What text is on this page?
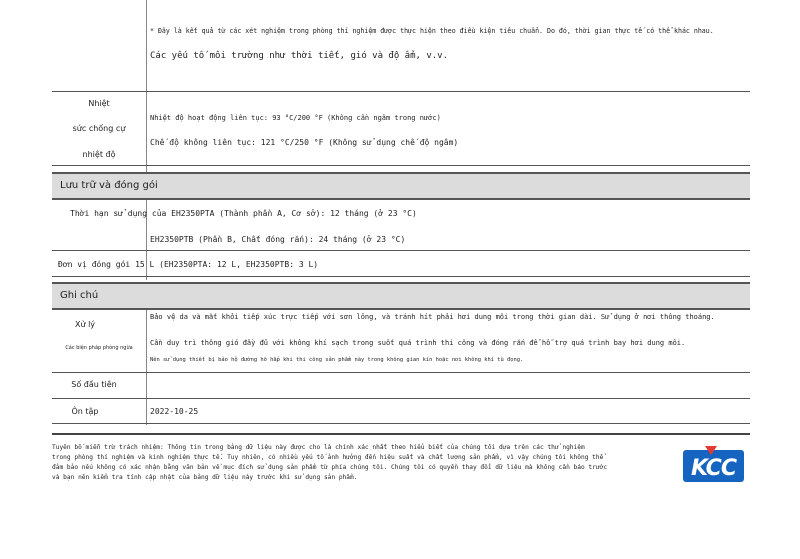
* Đây là kết quả từ các xét nghiệm trong phòng thí nghiệm được thực hiện theo điều kiện tiêu chuẩn. Do đó, thời gian thực tế có thể khác nhau.
Các yếu tố môi trường như thời tiết, gió và độ ẩm, v.v.
Nhiệt
sức chống cự
nhiệt độ
Nhiệt độ hoạt động liên tục: 93 °C/200 °F (Không cần ngâm trong nước)
Chế độ không liên tục: 121 °C/250 °F (Không sử dụng chế độ ngâm)
Lưu trữ và đóng gói
Thời hạn sử dụng của EH2350PTA (Thành phần A, Cơ sở): 12 tháng (ở 23 °C)
EH2350PTB (Phần B, Chất đóng rắn): 24 tháng (ở 23 °C)
Đơn vị đóng gói 15 L (EH2350PTA: 12 L, EH2350PTB: 3 L)
Ghi chú
Xử lý
Các biện pháp phòng ngừa
Bảo vệ da và mắt khỏi tiếp xúc trực tiếp với sơn lỏng, và tránh hít phải hơi dung môi trong thời gian dài. Sử dụng ở nơi thông thoáng.
Cần duy trì thông gió đầy đủ với không khí sạch trong suốt quá trình thi công và đóng rắn để hỗ trợ quá trình bay hơi dung môi.
Nên sử dụng thiết bị bảo hộ đường hô hấp khi thi công sản phẩm này trong không gian kín hoặc nơi không khí tù đọng.
Số đầu tiên
Ôn tập	2022-10-25
Tuyên bố miễn trừ trách nhiệm: Thông tin trong bảng dữ liệu này được cho là chính xác nhất theo hiểu biết của chúng tôi dựa trên các thử nghiệm
trong phòng thí nghiệm và kinh nghiệm thực tế. Tuy nhiên, có nhiều yếu tố ảnh hưởng đến hiệu suất và chất lượng sản phẩm, vì vậy chúng tôi không thể
đảm bảo nếu không có xác nhận bằng văn bản về mục đích sử dụng sản phẩm từ phía chúng tôi. Chúng tôi có quyền thay đổi dữ liệu mà không cần báo trước
và bạn nên kiểm tra tính cập nhật của bảng dữ liệu này trước khi sử dụng sản phẩm.	KCC
